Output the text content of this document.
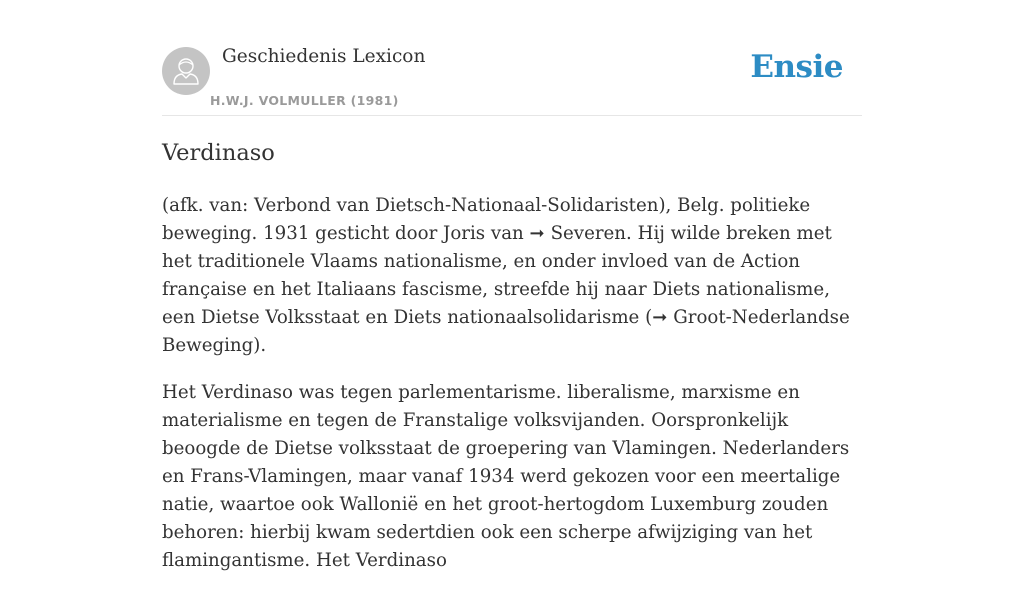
Geschiedenis Lexicon
H.W.J. VOLMULLER (1981)
Ensie
Verdinaso

(afk. van: Verbond van Dietsch-Nationaal-Solidaristen), Belg. politieke beweging. 1931 gesticht door Joris van ➞ Severen. Hij wilde breken met het traditionele Vlaams nationalisme, en onder invloed van de Action française en het Italiaans fascisme, streefde hij naar Diets nationalisme, een Dietse Volksstaat en Diets nationaalsolidarisme (➞ Groot-Nederlandse Beweging).

Het Verdinaso was tegen parlementarisme. liberalisme, marxisme en materialisme en tegen de Franstalige volksvijanden. Oorspronkelijk beoogde de Dietse volksstaat de groepering van Vlamingen. Nederlanders en Frans-Vlamingen, maar vanaf 1934 werd gekozen voor een meertalige natie, waartoe ook Wallonië en het groot-hertogdom Luxemburg zouden behoren: hierbij kwam sedertdien ook een scherpe afwijziging van het flamingantisme. Het Verdinaso
